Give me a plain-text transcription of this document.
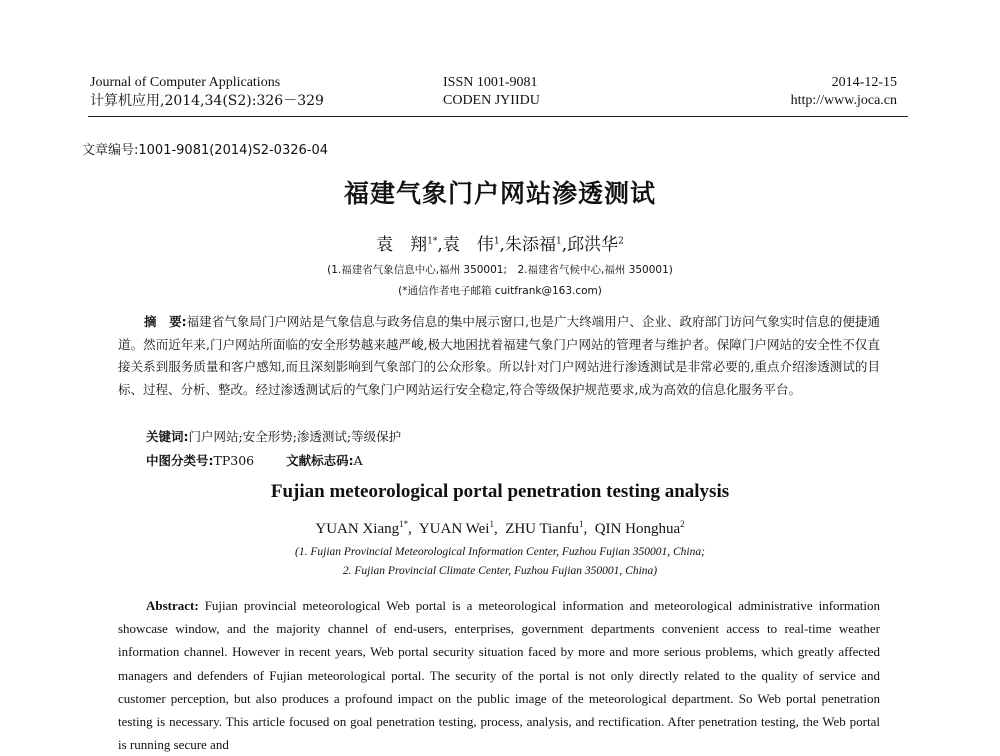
Journal of Computer Applications
计算机应用,2014,34(S2):326－329
ISSN 1001-9081
CODEN JYIIDU
2014-12-15
http://www.joca.cn
文章编号:1001-9081(2014)S2-0326-04
福建气象门户网站渗透测试
袁　翔$^{1*}$,袁　伟$^1$,朱添福$^1$,邱洪华$^2$
(1.福建省气象信息中心,福州 350001;　2.福建省气候中心,福州 350001)
(*通信作者电子邮箱 cuitfrank@163.com)
摘　要:福建省气象局门户网站是气象信息与政务信息的集中展示窗口,也是广大终端用户、企业、政府部门访问气象实时信息的便捷通道。然而近年来,门户网站所面临的安全形势越来越严峻,极大地困扰着福建气象门户网站的管理者与维护者。保障门户网站的安全性不仅直接关系到服务质量和客户感知,而且深刻影响到气象部门的公众形象。所以针对门户网站进行渗透测试是非常必要的,重点介绍渗透测试的目标、过程、分析、整改。经过渗透测试后的气象门户网站运行安全稳定,符合等级保护规范要求,成为高效的信息化服务平台。
关键词:门户网站;安全形势;渗透测试;等级保护
中图分类号:TP306	文献标志码:A
Fujian meteorological portal penetration testing analysis
YUAN Xiang$^{1*}$,  YUAN Wei$^1$,  ZHU Tianfu$^1$,  QIN Honghua$^2$
(1. Fujian Provincial Meteorological Information Center, Fuzhou Fujian 350001, China;
2. Fujian Provincial Climate Center, Fuzhou Fujian 350001, China)
Abstract: Fujian provincial meteorological Web portal is a meteorological information and meteorological administrative information showcase window, and the majority channel of end-users, enterprises, government departments convenient access to real-time weather information channel. However in recent years, Web portal security situation faced by more and more serious problems, which greatly affected managers and defenders of Fujian meteorological portal. The security of the portal is not only directly related to the quality of service and customer perception, but also produces a profound impact on the public image of the meteorological department. So Web portal penetration testing is necessary. This article focused on goal penetration testing, process, analysis, and rectification. After penetration testing, the Web portal is running secure and
